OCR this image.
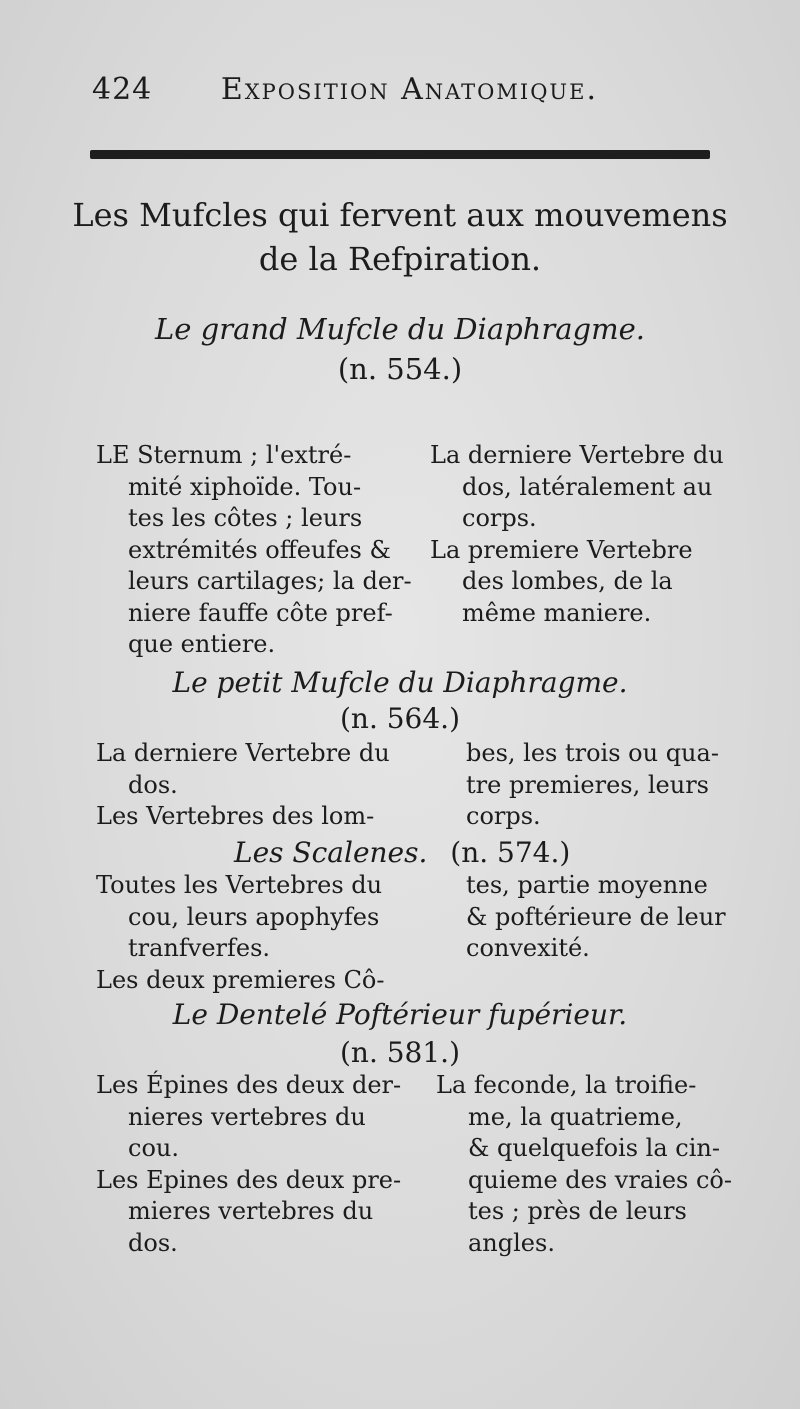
424 Exposition Anatomique.
Les Mufcles qui fervent aux mouvemens
de la Refpiration.
Le grand Mufcle du Diaphragme.
(n. 554.)
LE Sternum ; l'extré-
mité xiphoïde. Tou-
tes les côtes ; leurs
extrémités offeufes &
leurs cartilages; la der-
niere fauffe côte pref-
que entiere.
La derniere Vertebre du
dos, latéralement au
corps.
La premiere Vertebre
des lombes, de la
même maniere.
Le petit Mufcle du Diaphragme.
(n. 564.)
La derniere Vertebre du
dos.
Les Vertebres des lom-
bes, les trois ou qua-
tre premieres, leurs
corps.
Les Scalenes. (n. 574.)
Toutes les Vertebres du
cou, leurs apophyfes
tranfverfes.
Les deux premieres Cô-
tes, partie moyenne
& poftérieure de leur
convexité.
Le Dentelé Poftérieur fupérieur.
(n. 581.)
Les Épines des deux der-
nieres vertebres du
cou.
Les Epines des deux pre-
mieres vertebres du
dos.
La feconde, la troifie-
me, la quatrieme,
& quelquefois la cin-
quieme des vraies cô-
tes ; près de leurs
angles.
